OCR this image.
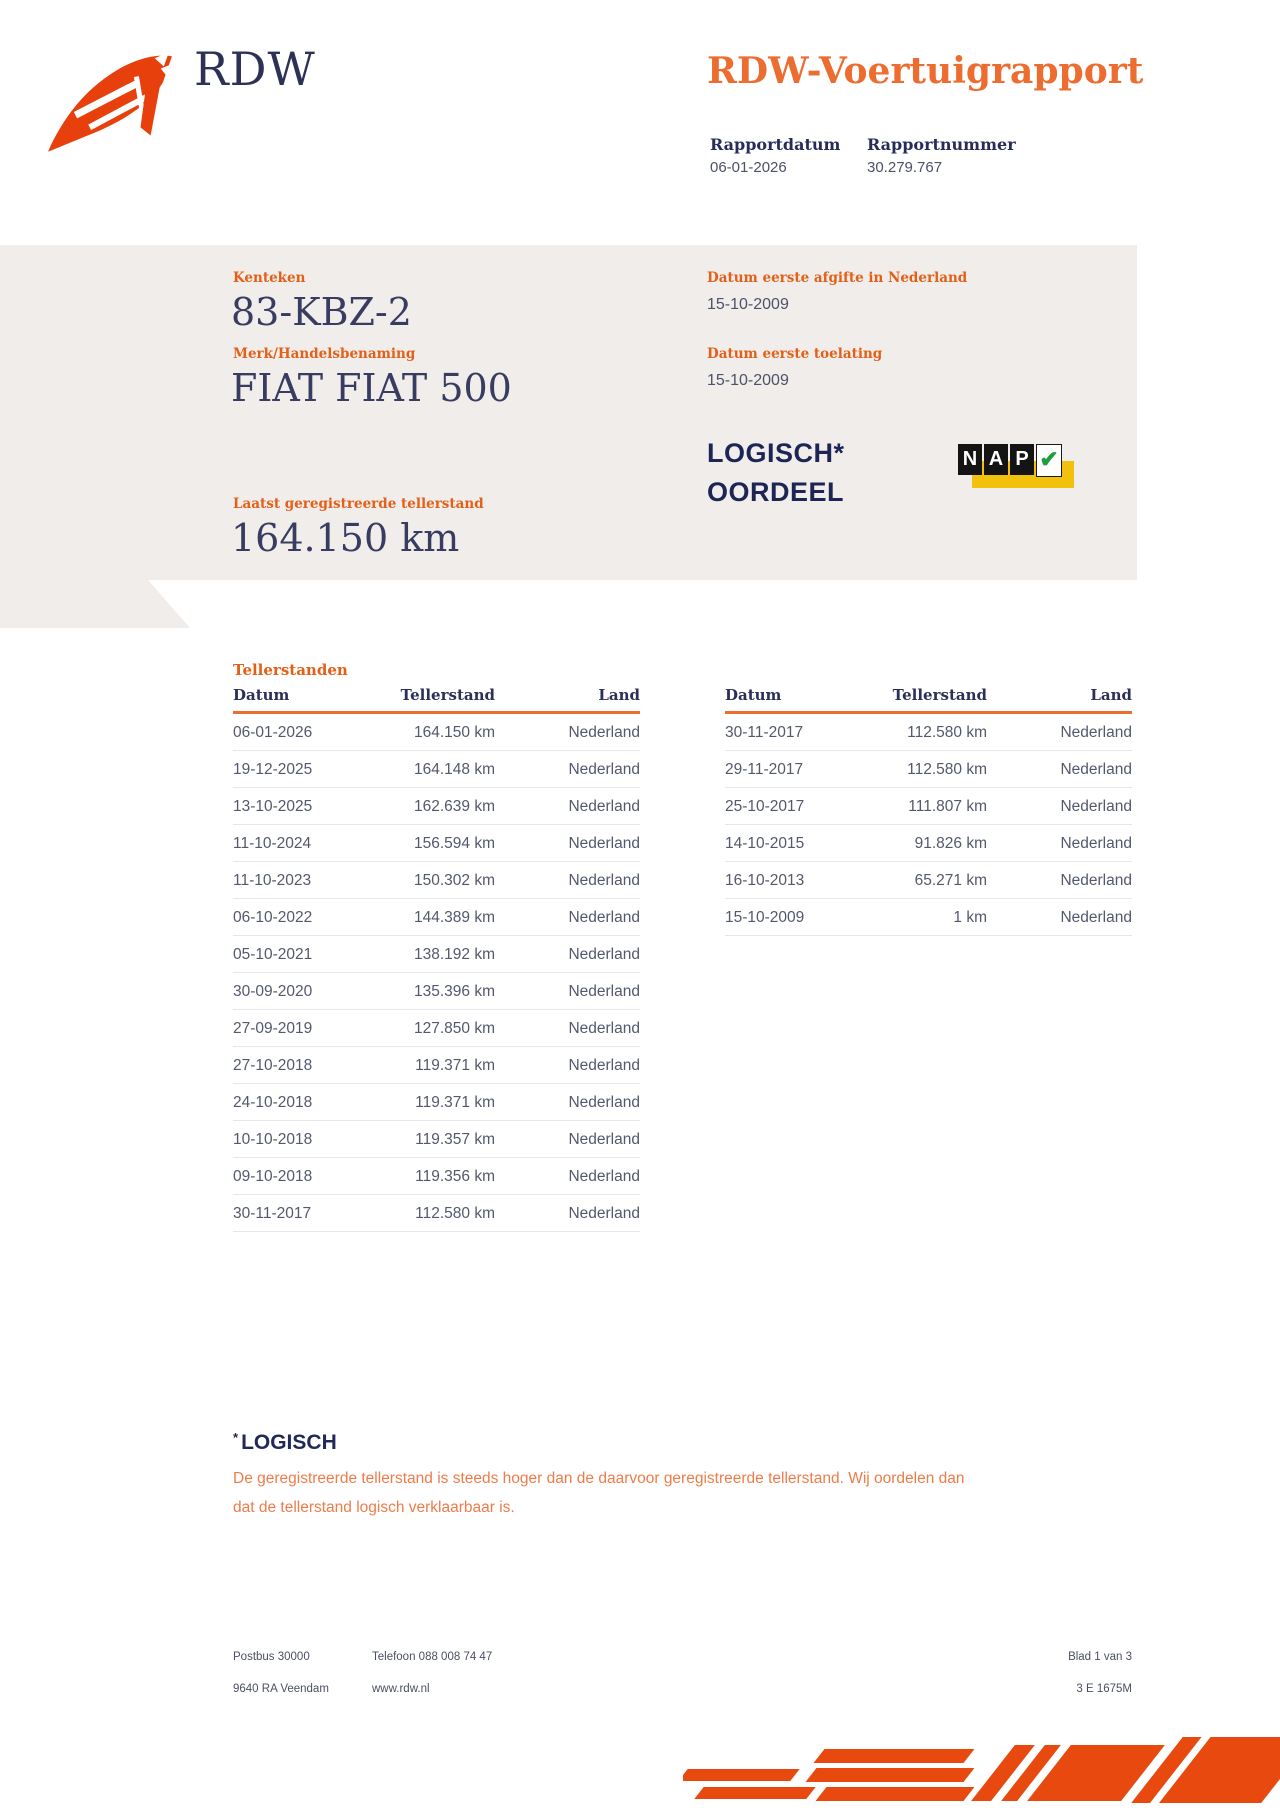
RDW	RDW-Voertuigrapport
Rapportdatum Rapportnummer
06-01-2026	30.279.767
Kenteken
83-KBZ-2
Merk/Handelsbenaming
FIAT FIAT 500
Datum eerste afgifte in Nederland
15-10-2009
Datum eerste toelating
15-10-2009
Laatst geregistreerde tellerstand
164.150 km
LOGISCH*
OORDEEL
N A P ✔
Tellerstanden
Datum	Tellerstand	Land
06-01-2026	164.150 km	Nederland
19-12-2025	164.148 km	Nederland
13-10-2025	162.639 km	Nederland
11-10-2024	156.594 km	Nederland
11-10-2023	150.302 km	Nederland
06-10-2022	144.389 km	Nederland
05-10-2021	138.192 km	Nederland
30-09-2020	135.396 km	Nederland
27-09-2019	127.850 km	Nederland
27-10-2018	119.371 km	Nederland
24-10-2018	119.371 km	Nederland
10-10-2018	119.357 km	Nederland
09-10-2018	119.356 km	Nederland
30-11-2017	112.580 km	Nederland
Datum	Tellerstand	Land
30-11-2017	112.580 km	Nederland
29-11-2017	112.580 km	Nederland
25-10-2017	111.807 km	Nederland
14-10-2015	91.826 km	Nederland
16-10-2013	65.271 km	Nederland
15-10-2009	1 km	Nederland
* LOGISCH
De geregistreerde tellerstand is steeds hoger dan de daarvoor geregistreerde tellerstand. Wij oordelen dan
dat de tellerstand logisch verklaarbaar is.
Postbus 30000
9640 RA Veendam
Telefoon 088 008 74 47
www.rdw.nl
Blad 1 van 3
3 E 1675M
